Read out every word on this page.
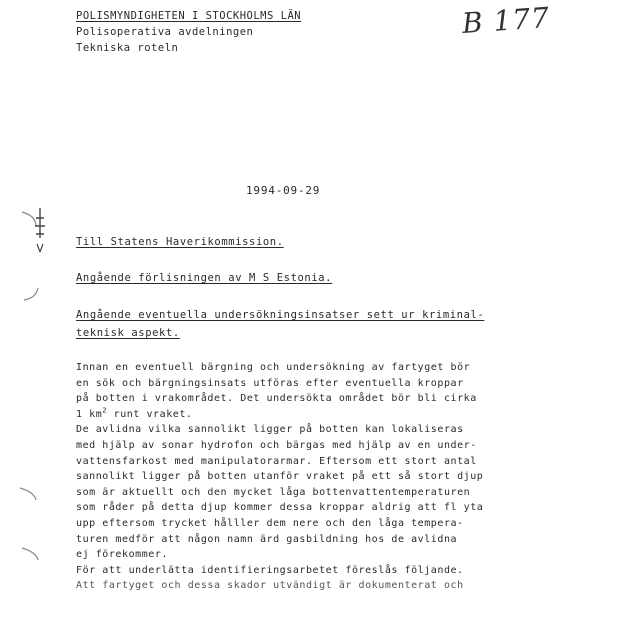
POLISMYNDIGHETEN I STOCKHOLMS LÄN
Polisoperativa avdelningen
Tekniska roteln
B 177
1994-09-29
Till Statens Haverikommission.
Angående förlisningen av M S Estonia.
Angående eventuella undersökningsinsatser sett ur kriminal-
teknisk aspekt.
Innan en eventuell bärgning och undersökning av fartyget bör
en sök och bärgningsinsats utföras efter eventuella kroppar
på botten i vrakområdet. Det undersökta området bör bli cirka
1 $km^2$ runt vraket.
De avlidna vilka sannolikt ligger på botten kan lokaliseras
med hjälp av sonar hydrofon och bärgas med hjälp av en under-
vattensfarkost med manipulatorarmar. Eftersom ett stort antal
sannolikt ligger på botten utanför vraket på ett så stort djup
som är aktuellt och den mycket låga bottenvattentemperaturen
som råder på detta djup kommer dessa kroppar aldrig att fl yta
upp eftersom trycket hålller dem nere och den låga tempera-
turen medför att någon namn ärd gasbildning hos de avlidna
ej förekommer.
För att underlätta identifieringsarbetet föreslås följande.
Att fartyget och dessa skador utvändigt är dokumenterat och
